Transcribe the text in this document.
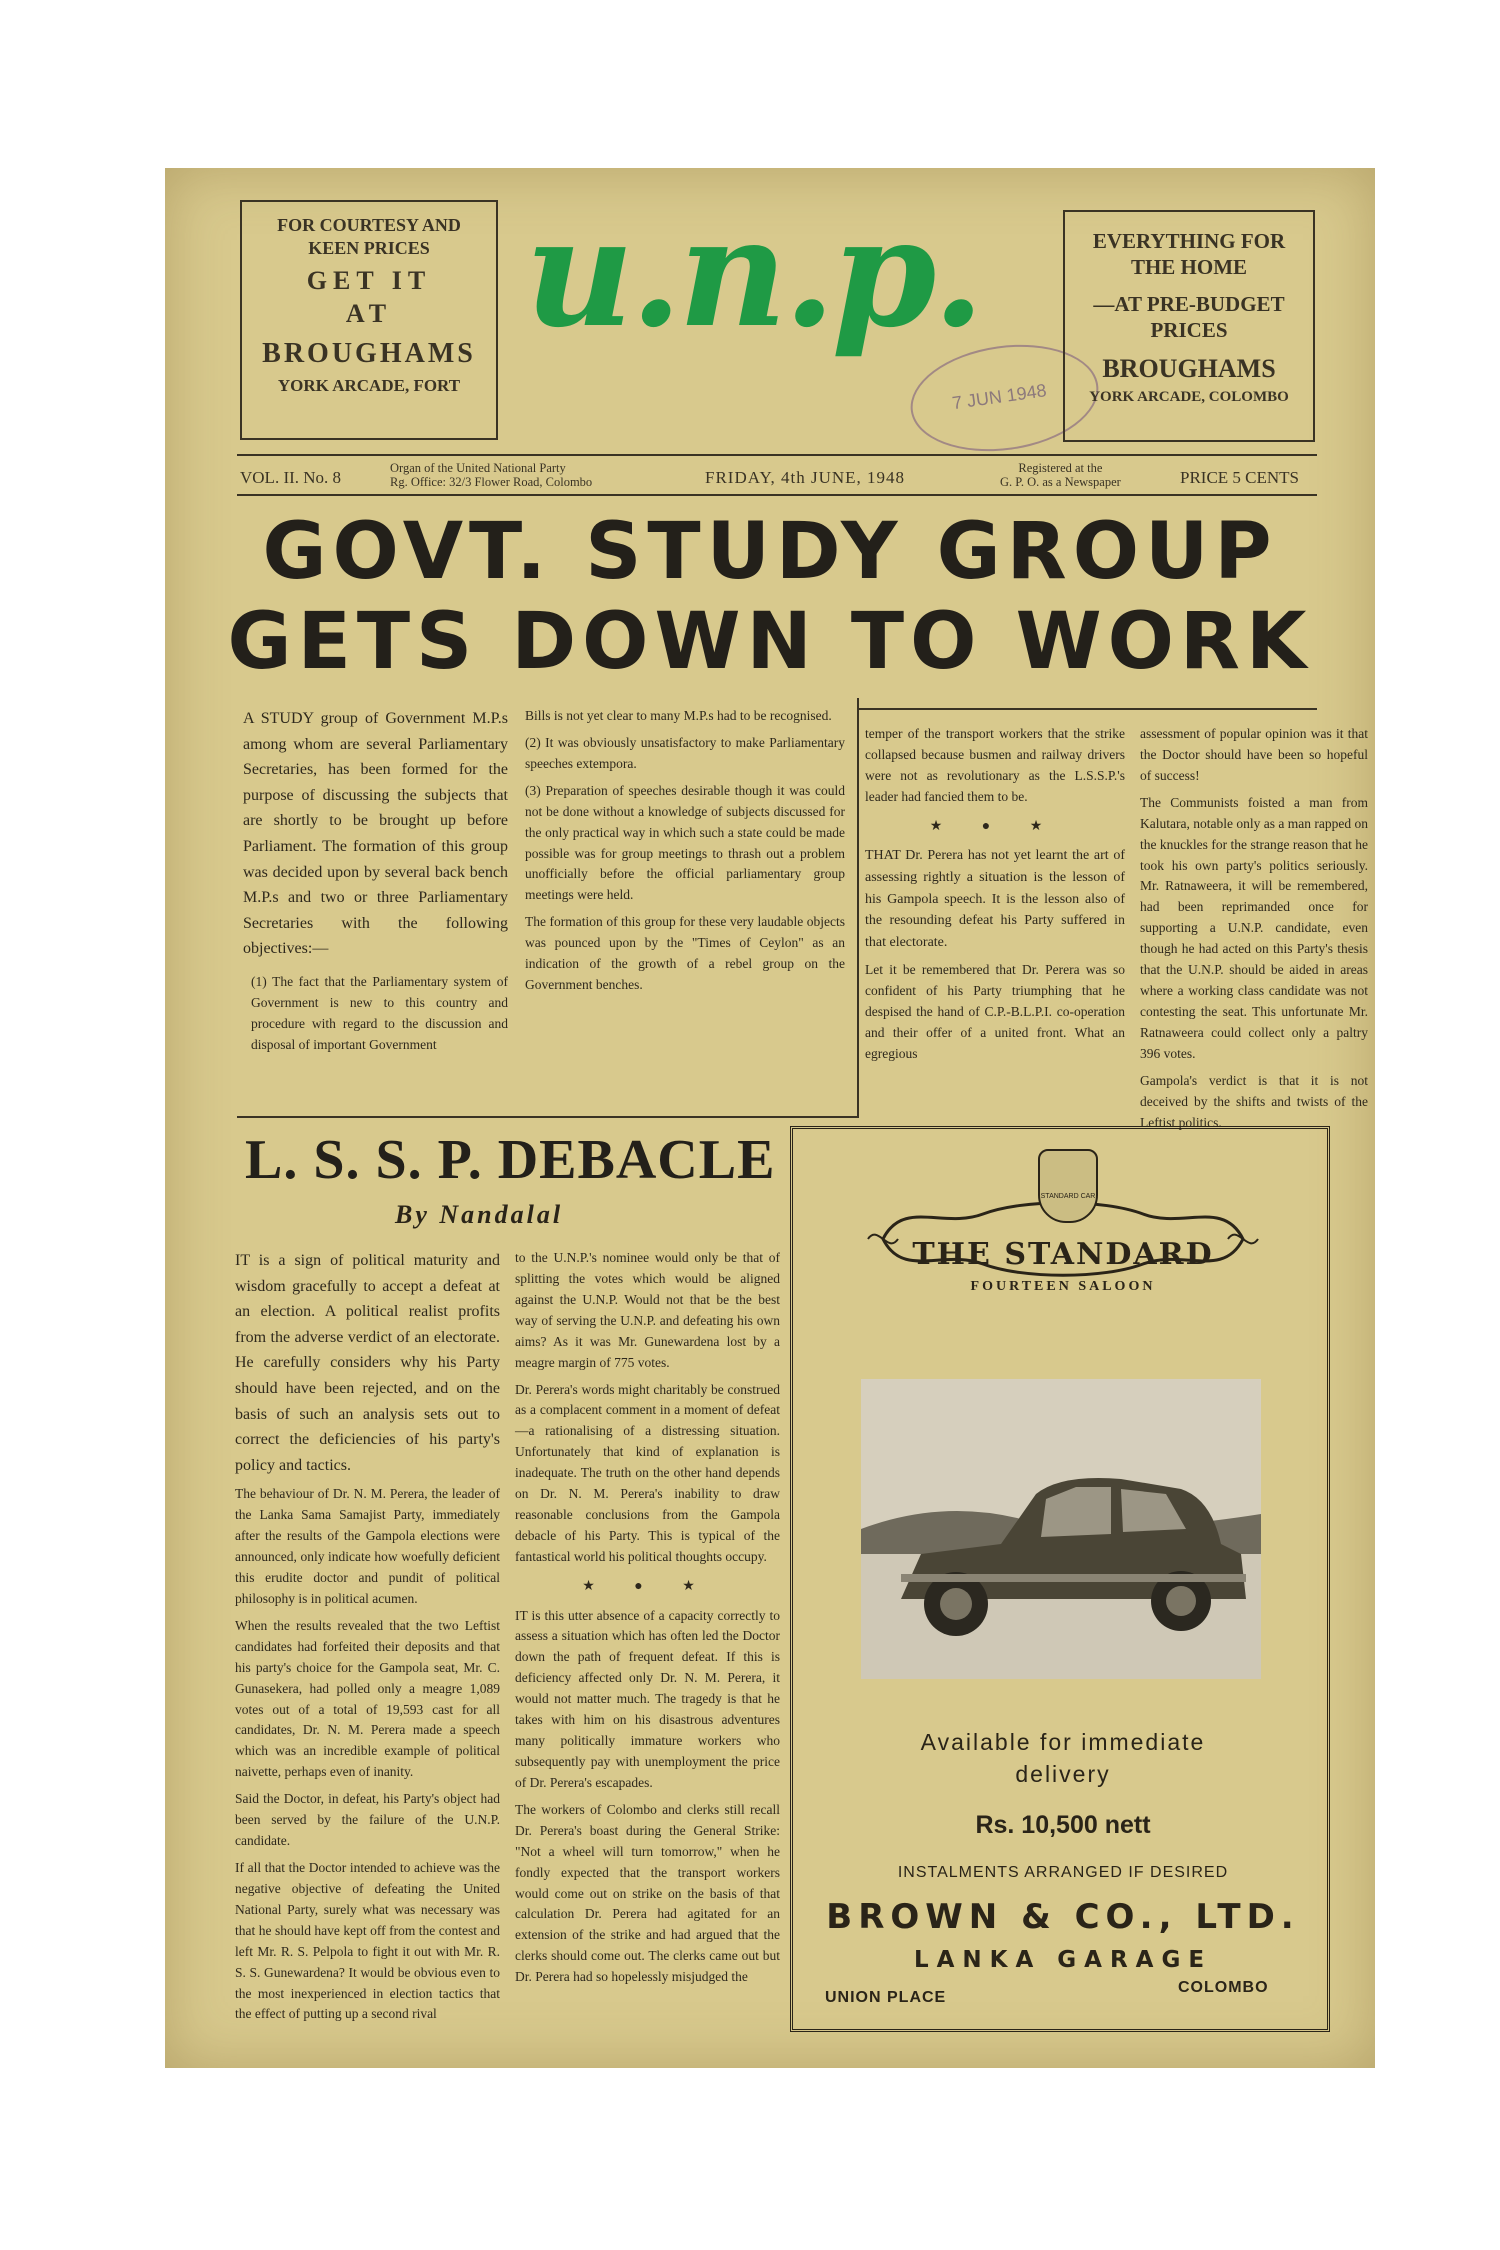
FOR COURTESY AND
KEEN PRICES
GET IT
AT
BROUGHAMS
YORK ARCADE, FORT
u.n.p.
7 JUN 1948
EVERYTHING FOR
THE HOME
—AT PRE-BUDGET
PRICES
BROUGHAMS
YORK ARCADE, COLOMBO
VOL. II. No. 8	Organ of the United National Party
Rg. Office: 32/3 Flower Road, Colombo	FRIDAY, 4th JUNE, 1948	Registered at the
G. P. O. as a Newspaper	PRICE 5 CENTS
GOVT. STUDY GROUP
GETS DOWN TO WORK

A STUDY group of Government M.P.s among whom are several Parliamentary Secretaries, has been formed for the purpose of discussing the subjects that are shortly to be brought up before Parliament. The formation of this group was decided upon by several back bench M.P.s and two or three Parliamentary Secretaries with the following objectives:—

(1) The fact that the Parliamentary system of Government is new to this country and procedure with regard to the discussion and disposal of important Government

Bills is not yet clear to many M.P.s had to be recognised.

(2) It was obviously unsatisfactory to make Parliamentary speeches extempora.

(3) Preparation of speeches desirable though it was could not be done without a knowledge of subjects discussed for the only practical way in which such a state could be made possible was for group meetings to thrash out a problem unofficially before the official parliamentary group meetings were held.

The formation of this group for these very laudable objects was pounced upon by the "Times of Ceylon" as an indication of the growth of a rebel group on the Government benches.

temper of the transport workers that the strike collapsed because busmen and railway drivers were not as revolutionary as the L.S.S.P.'s leader had fancied them to be.

★ ● ★

THAT Dr. Perera has not yet learnt the art of assessing rightly a situation is the lesson of his Gampola speech. It is the lesson also of the resounding defeat his Party suffered in that electorate.

Let it be remembered that Dr. Perera was so confident of his Party triumphing that he despised the hand of C.P.-B.L.P.I. co-operation and their offer of a united front. What an egregious

assessment of popular opinion was it that the Doctor should have been so hopeful of success!

The Communists foisted a man from Kalutara, notable only as a man rapped on the knuckles for the strange reason that he took his own party's politics seriously. Mr. Ratnaweera, it will be remembered, had been reprimanded once for supporting a U.N.P. candidate, even though he had acted on this Party's thesis that the U.N.P. should be aided in areas where a working class candidate was not contesting the seat. This unfortunate Mr. Ratnaweera could collect only a paltry 396 votes.

Gampola's verdict is that it is not deceived by the shifts and twists of the Leftist politics.

L. S. S. P. DEBACLE
By Nandalal

IT is a sign of political maturity and wisdom gracefully to accept a defeat at an election. A political realist profits from the adverse verdict of an electorate. He carefully considers why his Party should have been rejected, and on the basis of such an analysis sets out to correct the deficiencies of his party's policy and tactics.

The behaviour of Dr. N. M. Perera, the leader of the Lanka Sama Samajist Party, immediately after the results of the Gampola elections were announced, only indicate how woefully deficient this erudite doctor and pundit of political philosophy is in political acumen.

When the results revealed that the two Leftist candidates had forfeited their deposits and that his party's choice for the Gampola seat, Mr. C. Gunasekera, had polled only a meagre 1,089 votes out of a total of 19,593 cast for all candidates, Dr. N. M. Perera made a speech which was an incredible example of political naivette, perhaps even of inanity.

Said the Doctor, in defeat, his Party's object had been served by the failure of the U.N.P. candidate.

If all that the Doctor intended to achieve was the negative objective of defeating the United National Party, surely what was necessary was that he should have kept off from the contest and left Mr. R. S. Pelpola to fight it out with Mr. R. S. S. Gunewardena? It would be obvious even to the most inexperienced in election tactics that the effect of putting up a second rival

to the U.N.P.'s nominee would only be that of splitting the votes which would be aligned against the U.N.P. Would not that be the best way of serving the U.N.P. and defeating his own aims? As it was Mr. Gunewardena lost by a meagre margin of 775 votes.

Dr. Perera's words might charitably be construed as a complacent comment in a moment of defeat—a rationalising of a distressing situation. Unfortunately that kind of explanation is inadequate. The truth on the other hand depends on Dr. N. M. Perera's inability to draw reasonable conclusions from the Gampola debacle of his Party. This is typical of the fantastical world his political thoughts occupy.

★ ● ★

IT is this utter absence of a capacity correctly to assess a situation which has often led the Doctor down the path of frequent defeat. If this is deficiency affected only Dr. N. M. Perera, it would not matter much. The tragedy is that he takes with him on his disastrous adventures many politically immature workers who subsequently pay with unemployment the price of Dr. Perera's escapades.

The workers of Colombo and clerks still recall Dr. Perera's boast during the General Strike: "Not a wheel will turn tomorrow," when he fondly expected that the transport workers would come out on strike on the basis of that calculation Dr. Perera had agitated for an extension of the strike and had argued that the clerks should come out. The clerks came out but Dr. Perera had so hopelessly misjudged the

STANDARD CAR
THE STANDARD
FOURTEEN SALOON
Available for immediate
delivery
Rs. 10,500 nett
INSTALMENTS ARRANGED IF DESIRED
BROWN & CO., LTD.
LANKA GARAGE
UNION PLACE
COLOMBO
